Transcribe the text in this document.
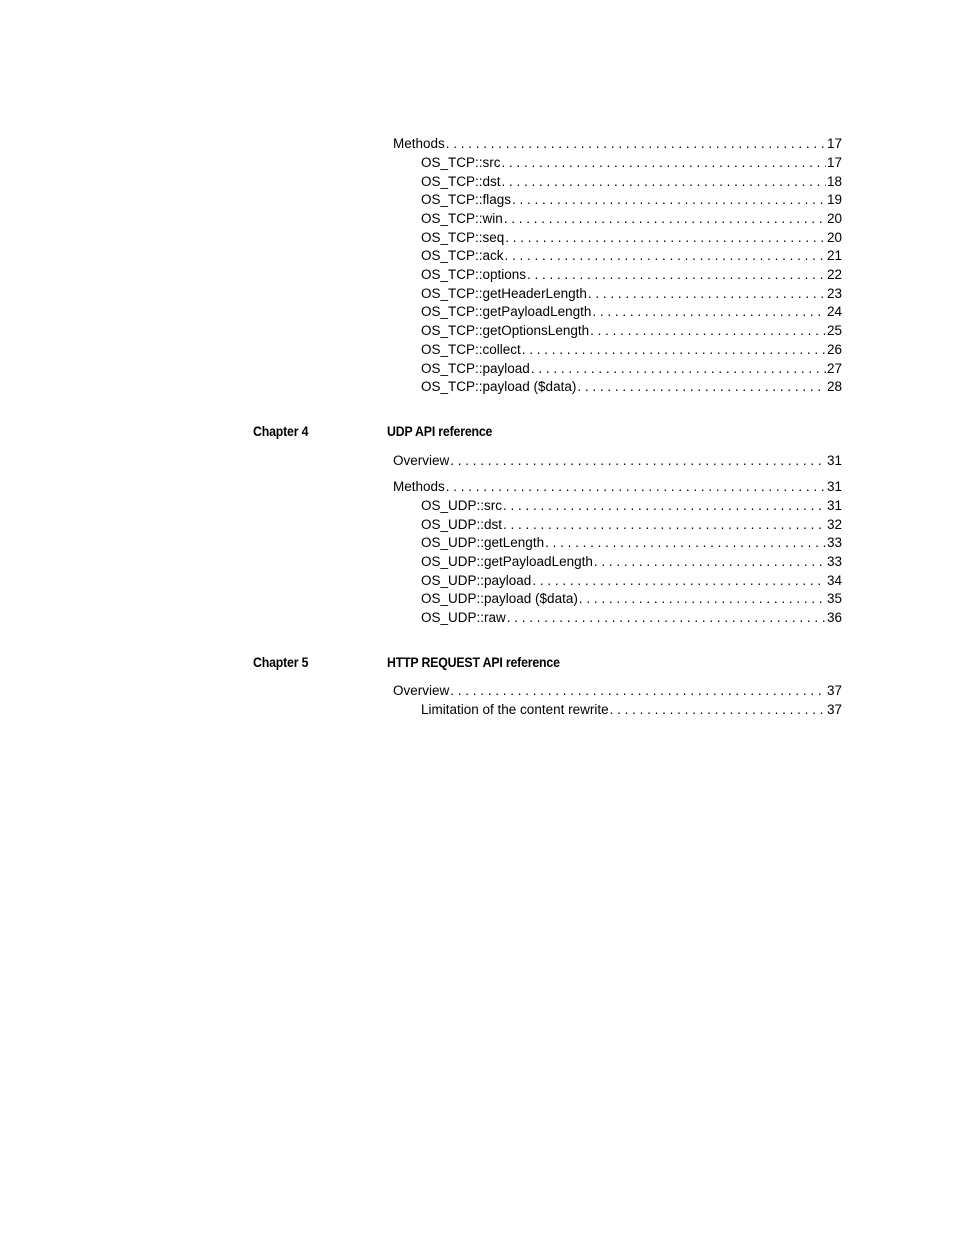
Methods . . .	17
OS_TCP::src . . .	17
OS_TCP::dst . . .	18
OS_TCP::flags . . .	19
OS_TCP::win . . .	20
OS_TCP::seq . . .	20
OS_TCP::ack . . .	21
OS_TCP::options . . .	22
OS_TCP::getHeaderLength . . .	23
OS_TCP::getPayloadLength . . .	24
OS_TCP::getOptionsLength . . .	25
OS_TCP::collect . . .	26
OS_TCP::payload . . .	27
OS_TCP::payload ($data) . . .	28
Chapter 4	UDP API reference
Overview . . .	31
Methods . . .	31
OS_UDP::src . . .	31
OS_UDP::dst . . .	32
OS_UDP::getLength . . .	33
OS_UDP::getPayloadLength . . .	33
OS_UDP::payload . . .	34
OS_UDP::payload ($data) . . .	35
OS_UDP::raw . . .	36
Chapter 5	HTTP REQUEST API reference
Overview . . .	37
Limitation of the content rewrite . . .	37
